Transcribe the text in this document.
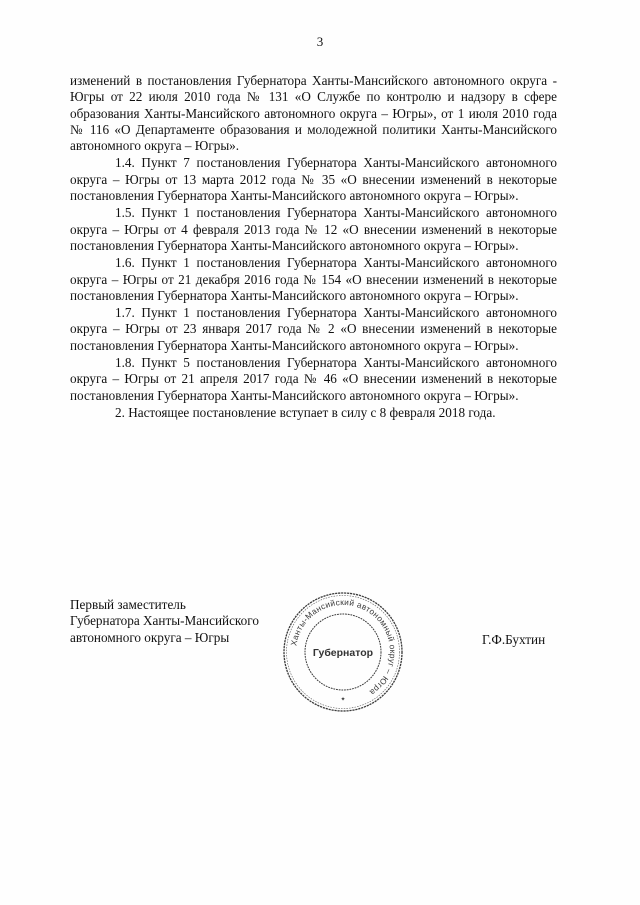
3

изменений в постановления Губернатора Ханты-Мансийского автономного округа - Югры от 22 июля 2010 года № 131 «О Службе по контролю и надзору в сфере образования Ханты-Мансийского автономного округа – Югры», от 1 июля 2010 года № 116 «О Департаменте образования и молодежной политики Ханты-Мансийского автономного округа – Югры».

1.4. Пункт 7 постановления Губернатора Ханты-Мансийского автономного округа – Югры от 13 марта 2012 года № 35 «О внесении изменений в некоторые постановления Губернатора Ханты-Мансийского автономного округа – Югры».

1.5. Пункт 1 постановления Губернатора Ханты-Мансийского автономного округа – Югры от 4 февраля 2013 года № 12 «О внесении изменений в некоторые постановления Губернатора Ханты-Мансийского автономного округа – Югры».

1.6. Пункт 1 постановления Губернатора Ханты-Мансийского автономного округа – Югры от 21 декабря 2016 года № 154 «О внесении изменений в некоторые постановления Губернатора Ханты-Мансийского автономного округа – Югры».

1.7. Пункт 1 постановления Губернатора Ханты-Мансийского автономного округа – Югры от 23 января 2017 года № 2 «О внесении изменений в некоторые постановления Губернатора Ханты-Мансийского автономного округа – Югры».

1.8. Пункт 5 постановления Губернатора Ханты-Мансийского автономного округа – Югры от 21 апреля 2017 года № 46 «О внесении изменений в некоторые постановления Губернатора Ханты-Мансийского автономного округа – Югры».

2. Настоящее постановление вступает в силу с 8 февраля 2018 года.

Первый заместитель
Губернатора Ханты-Мансийского
автономного округа – Югры	Ханты-Мансийский автономный округ – Югра
Губернатор
✦
Г.Ф.Бухтин
